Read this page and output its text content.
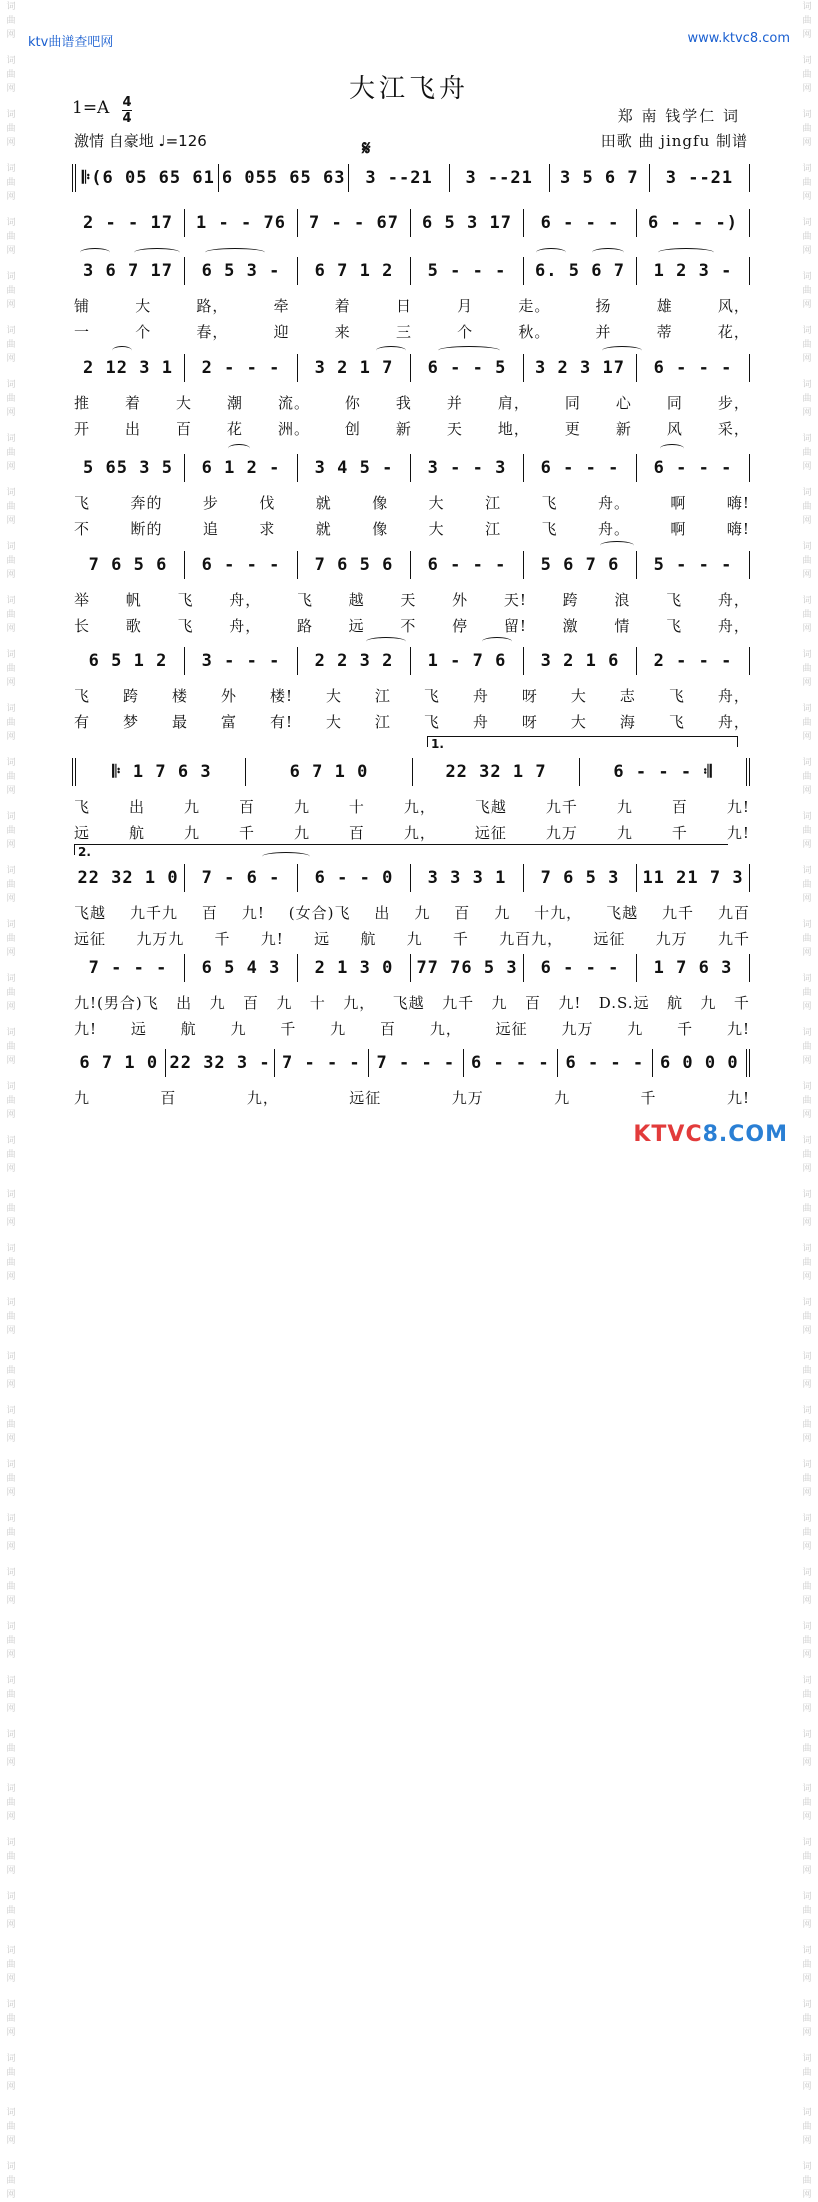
词曲网
词曲网
词曲网
词曲网
词曲网
词曲网
词曲网
词曲网
词曲网
词曲网
词曲网
词曲网
词曲网
词曲网
词曲网
词曲网
词曲网
词曲网
词曲网
词曲网
词曲网
词曲网
词曲网
词曲网
词曲网
词曲网
词曲网
词曲网
词曲网
词曲网
词曲网
词曲网
词曲网
词曲网
词曲网
词曲网
词曲网
词曲网
词曲网
词曲网
词曲网
词曲网
词曲网
词曲网
词曲网
词曲网
词曲网
词曲网
词曲网
词曲网
词曲网
词曲网
词曲网
词曲网
词曲网
词曲网
词曲网
词曲网
词曲网
词曲网
词曲网
词曲网
词曲网
词曲网
词曲网
词曲网
词曲网
词曲网
词曲网
词曲网
词曲网
词曲网
词曲网
词曲网
词曲网
词曲网
词曲网
词曲网
词曲网
词曲网
词曲网
词曲网
ktv曲谱查吧网	www.ktvc8.com
大江飞舟
1=A 4
4
激情 自豪地 ♩=126
郑 南 钱学仁 词
田歌 曲 jingfu 制谱
𝄋
𝄆(6 05 65 61 6 055 65 63 3 --21 3 --21 3 5 6 7 3 --21
2 - - 17 1 - - 76 7 - - 67 6 5 3 17 6 - - - 6 - - -)
3 6 7 17 6 5 3 - 6 7 1 2 5 - - - 6. 5 6 7 1 2 3 -
铺	大	路，	牵	着	日	月	走。	扬	雄	风，
一	个	春，	迎	来	三	个	秋。	并	蒂	花，
2 12 3 1 2 - - - 3 2 1 7 6 - - 5 3 2 3 17 6 - - -
推 着 大 潮 流。 你 我 并 肩， 同 心 同 步，
开 出 百 花 洲。 创 新 天 地， 更 新 风 采，
5 65 3 5 6 1 2 - 3 4 5 - 3 - - 3 6 - - - 6 - - -
飞	奔的	步	伐	就	像	大	江	飞	舟。	啊	嗨!
不	断的	追	求	就	像	大	江	飞	舟。	啊	嗨!
7 6 5 6 6 - - - 7 6 5 6 6 - - - 5 6 7 6 5 - - -
举 帆 飞 舟， 飞 越 天 外 天! 跨 浪 飞 舟，
长 歌 飞 舟， 路 远 不 停 留! 激 情 飞 舟，
6 5 1 2 3 - - - 2 2 3 2 1 - 7 6 3 2 1 6 2 - - -
飞 跨 楼 外 楼! 大 江 飞 舟 呀 大 志 飞 舟，
有 梦 最 富 有! 大 江 飞 舟 呀 大 海 飞 舟，
𝄆 1 7 6 3	6 7 1 0	22 32 1 7	6 - - - 𝄇
1.
飞	出	九	百	九	十	九，	飞越	九千	九	百	九!
远	航	九	千	九	百	九，	远征	九万	九	千	九!
22 32 1 0 7 - 6 - 6 - - 0 3 3 3 1 7 6 5 3 11 21 7 3
2.
飞越 九千九 百 九! (女合)飞 出 九 百 九 十九， 飞越 九千 九百
远征 九万九 千 九! 远 航 九 千 九百九， 远征 九万 九千
7 - - - 6 5 4 3 2 1 3 0 77 76 5 3 6 - - - 1 7 6 3
九!(男合)飞 出 九 百 九 十 九， 飞越 九千 九 百 九! D.S.远 航 九 千
九! 远 航 九 千 九 百 九， 远征 九万 九 千 九!
6 7 1 0 22 32 3 - 7 - - - 7 - - - 6 - - - 6 - - - 6 0 0 0
九	百	九，	远征	九万	九	千	九!
KTVC8.COM
